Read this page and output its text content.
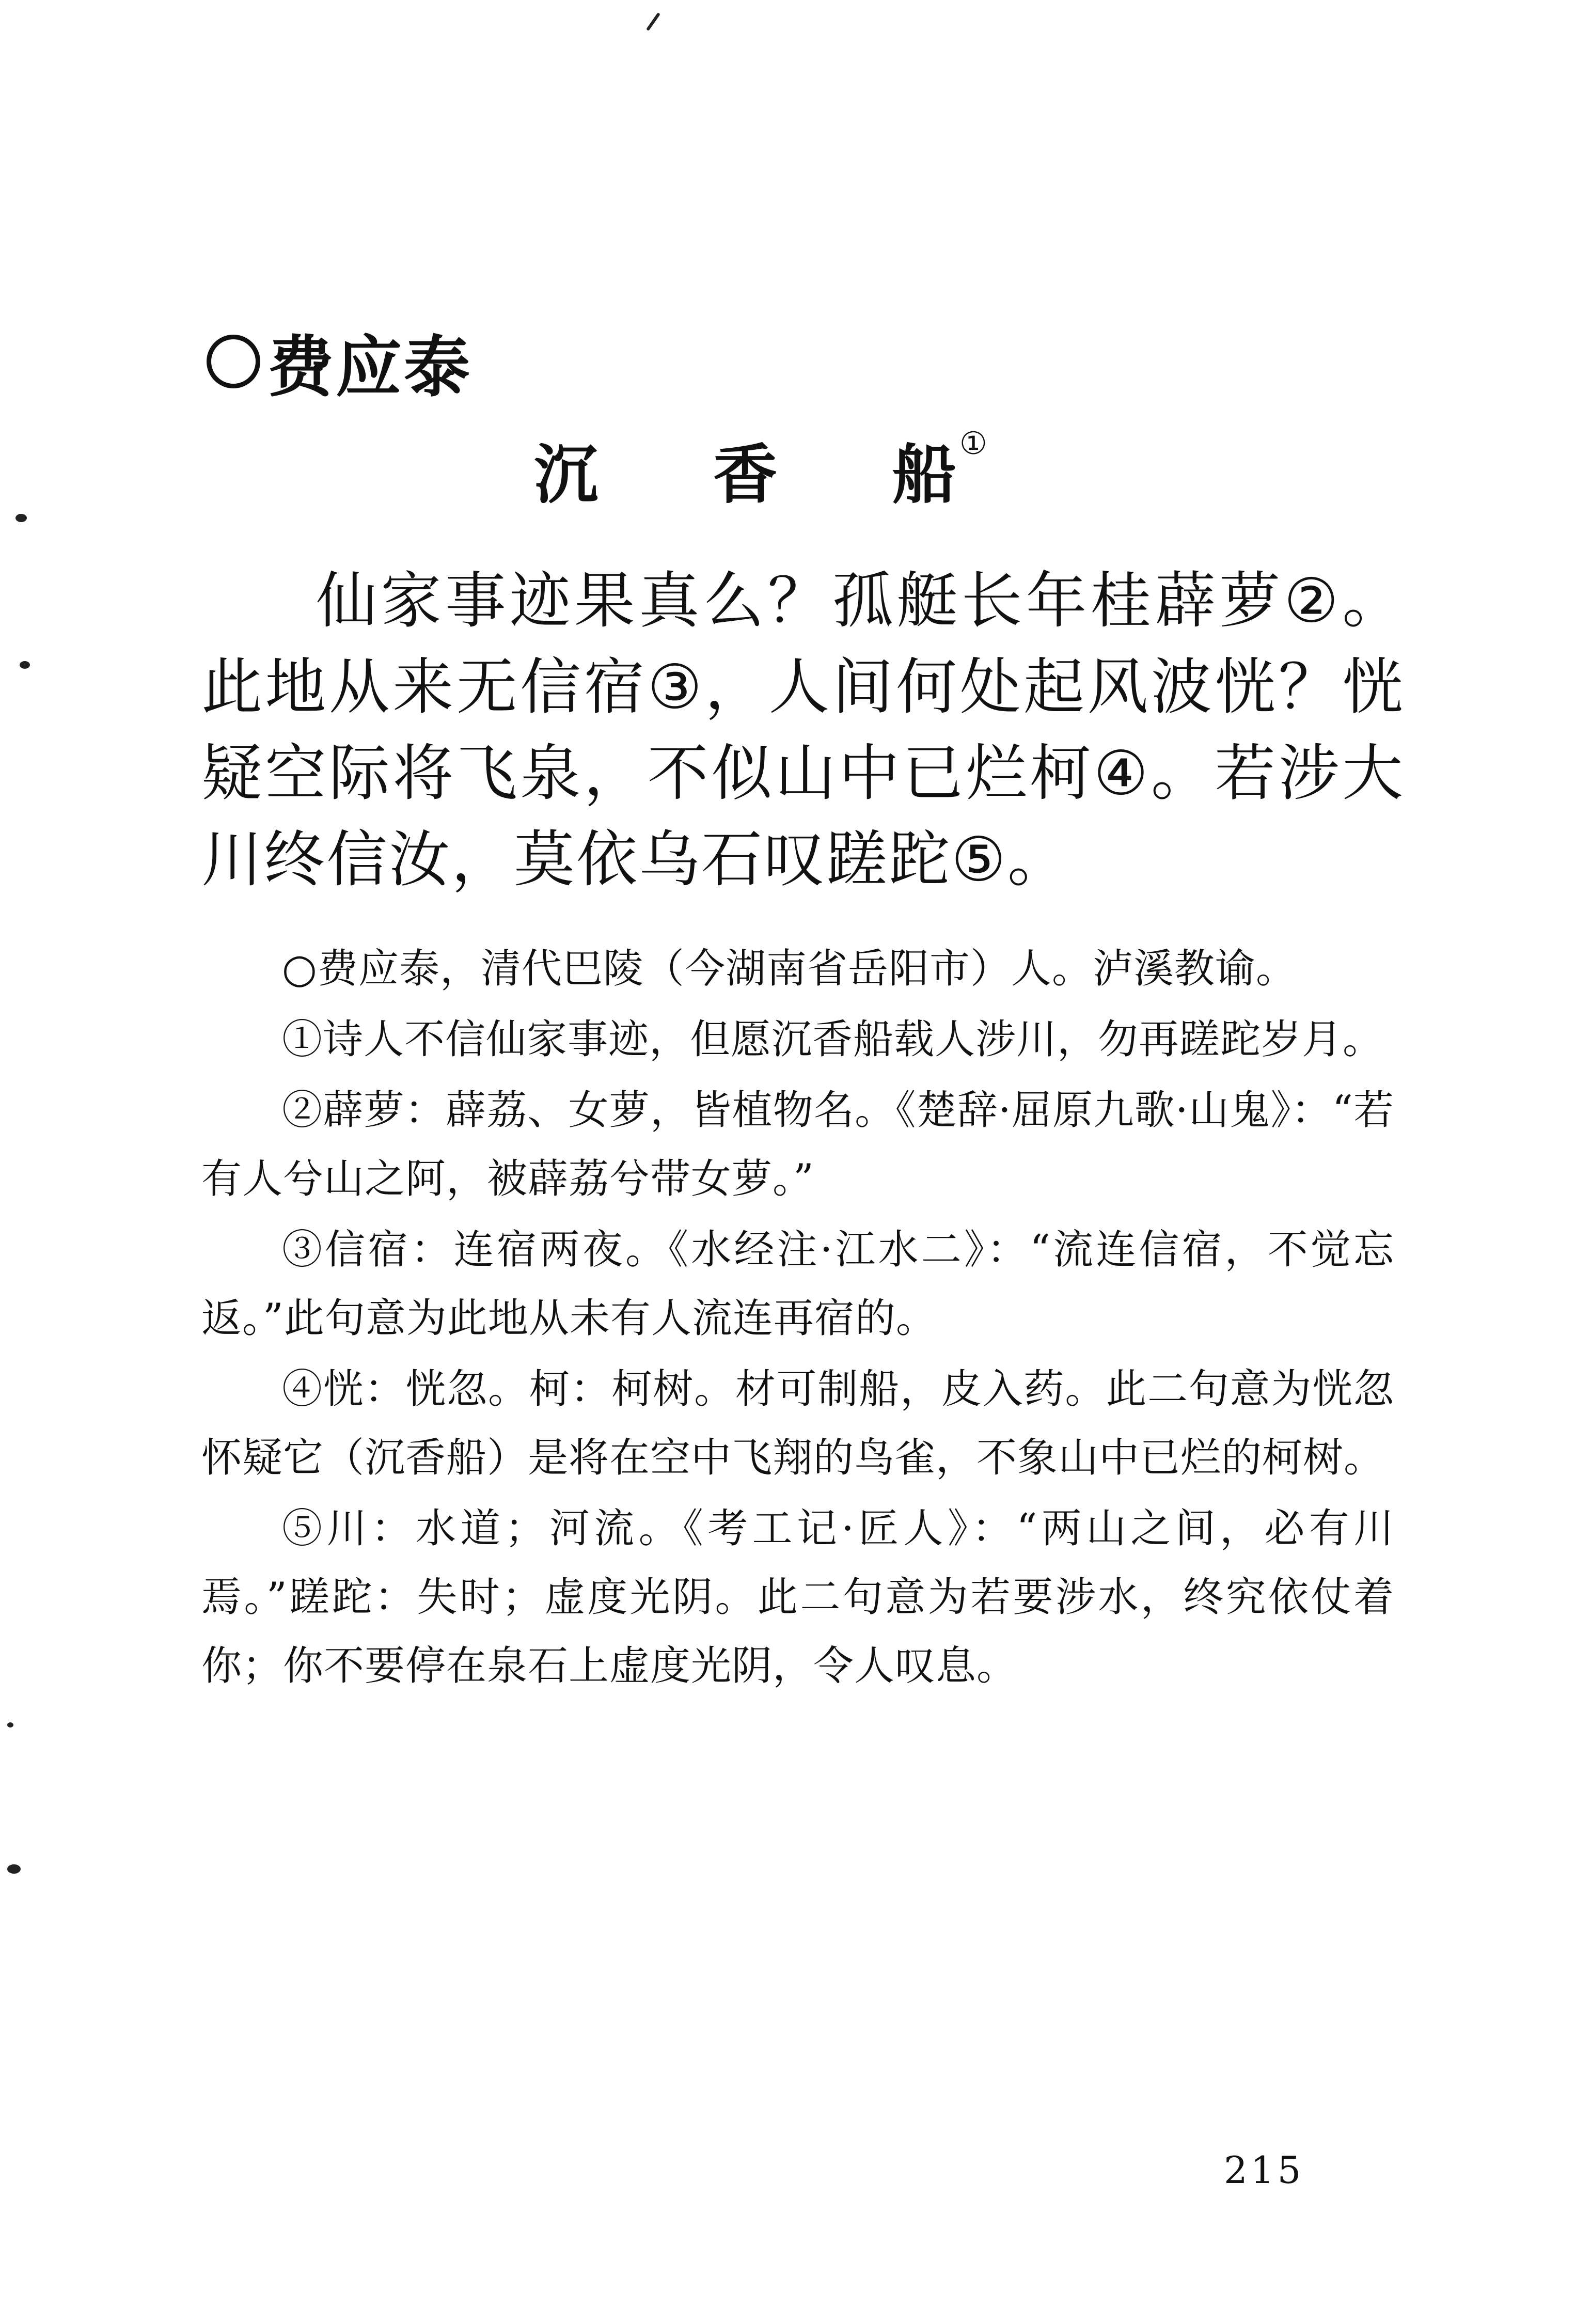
费应泰
沉 香 船 ①
仙家事迹果真么？孤艇长年桂薜萝②。此地从来无信宿③，人间何处起风波恍？恍疑空际将飞泉，不似山中已烂柯④。若涉大川终信汝，莫依乌石叹蹉跎⑤。

○费应泰，清代巴陵（今湖南省岳阳市）人。泸溪教谕。

①诗人不信仙家事迹，但愿沉香船载人涉川，勿再蹉跎岁月。

②薜萝：薜荔、女萝，皆植物名。《楚辞·屈原九歌·山鬼》：“若有人兮山之阿，被薜荔兮带女萝。”

③信宿：连宿两夜。《水经注·江水二》：“流连信宿，不觉忘返。”此句意为此地从未有人流连再宿的。

④恍：恍忽。柯：柯树。材可制船，皮入药。此二句意为恍忽怀疑它（沉香船）是将在空中飞翔的鸟雀，不象山中已烂的柯树。

⑤川：水道；河流。《考工记·匠人》：“两山之间，必有川焉。”蹉跎：失时；虚度光阴。此二句意为若要涉水，终究依仗着你；你不要停在泉石上虚度光阴，令人叹息。

215
